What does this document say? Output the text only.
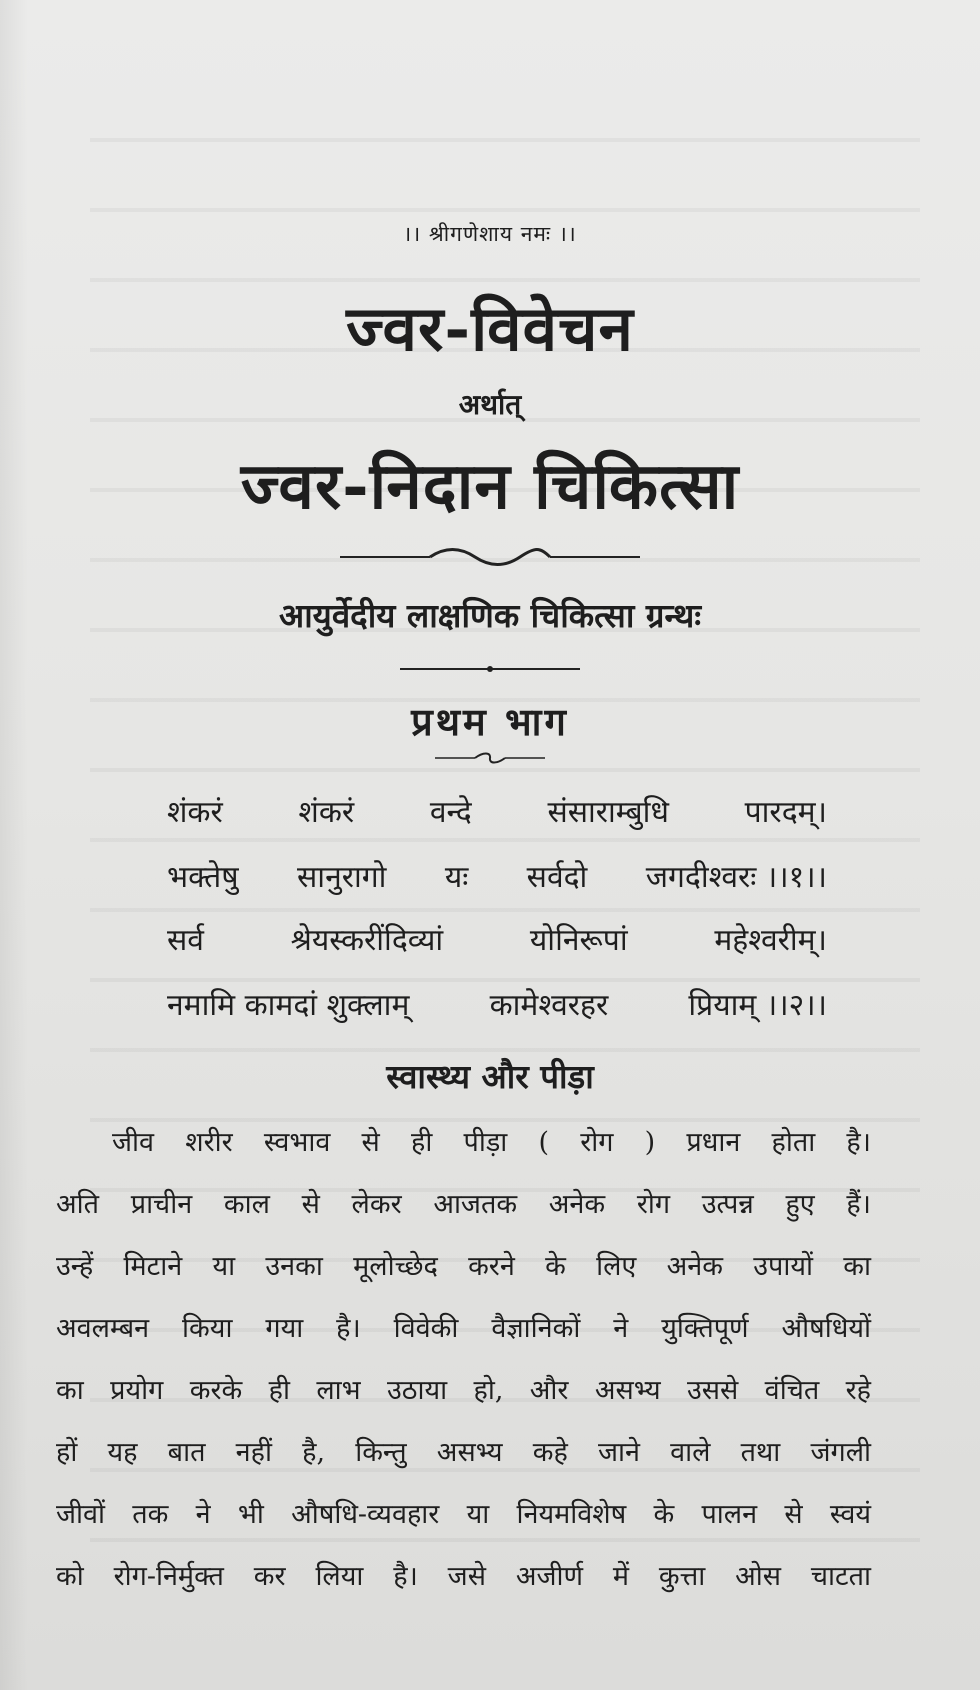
।। श्रीगणेशाय नमः ।।
ज्वर-विवेचन
अर्थात्
ज्वर-निदान चिकित्सा
आयुर्वेदीय लाक्षणिक चिकित्सा ग्रन्थः
प्रथम भाग
शंकरं	शंकरं	वन्दे	संसाराम्बुधि	पारदम्।
भक्तेषु सानुरागो यः सर्वदो जगदीश्वरः ।।१।।
सर्व	श्रेयस्करींदिव्यां	योनिरूपां	महेश्वरीम्।
नमामि कामदां शुक्लाम्	कामेश्वरहर	प्रियाम् ।।२।।
स्वास्थ्य और पीड़ा
जीव शरीर स्वभाव से ही पीड़ा ( रोग ) प्रधान होता है।
अति प्राचीन काल से लेकर आजतक अनेक रोग उत्पन्न हुए हैं।
उन्हें मिटाने या उनका मूलोच्छेद करने के लिए अनेक उपायों का
अवलम्बन किया गया है। विवेकी वैज्ञानिकों ने युक्तिपूर्ण औषधियों
का प्रयोग करके ही लाभ उठाया हो, और असभ्य उससे वंचित रहे
हों यह बात नहीं है, किन्तु असभ्य कहे जाने वाले तथा जंगली
जीवों तक ने भी औषधि-व्यवहार या नियमविशेष के पालन से स्वयं
को रोग-निर्मुक्त कर लिया है। जसे अजीर्ण में कुत्ता ओस चाटता
